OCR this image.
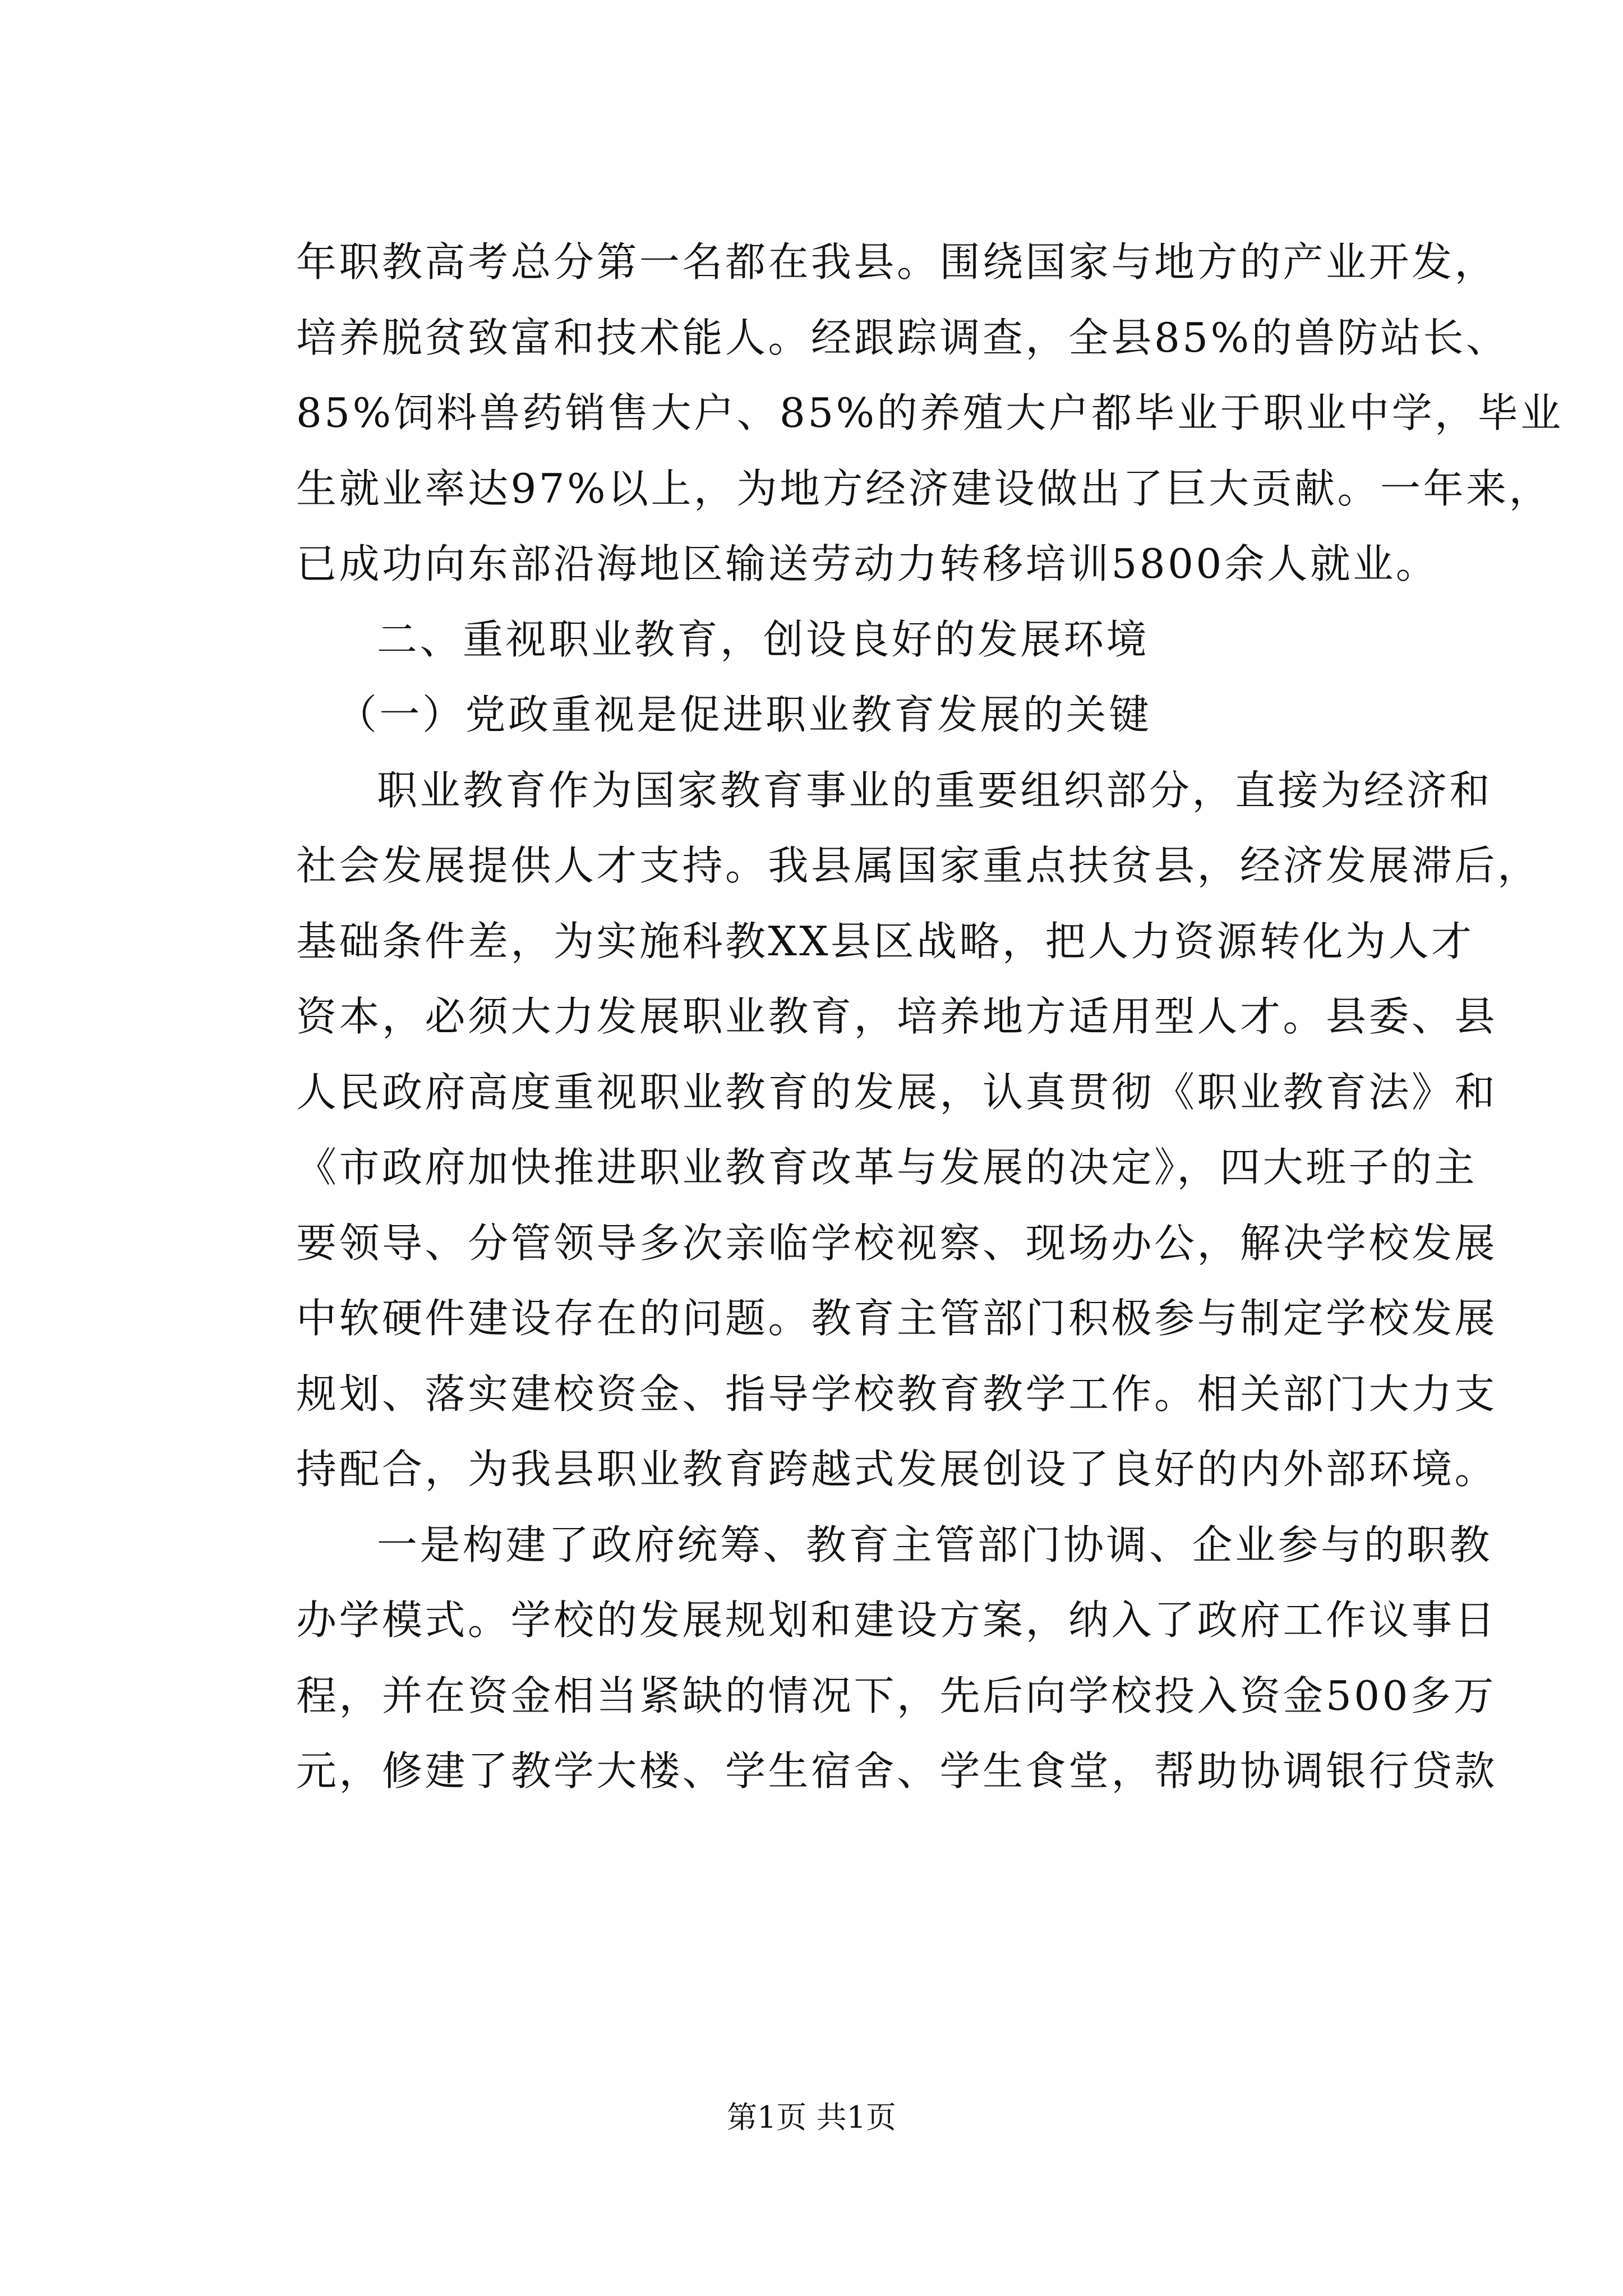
年职教高考总分第一名都在我县。围绕国家与地方的产业开发，
培养脱贫致富和技术能人。经跟踪调查，全县85%的兽防站长、
85%饲料兽药销售大户、85%的养殖大户都毕业于职业中学，毕业
生就业率达97%以上，为地方经济建设做出了巨大贡献。一年来，
已成功向东部沿海地区输送劳动力转移培训5800余人就业。
二、重视职业教育，创设良好的发展环境
（一）党政重视是促进职业教育发展的关键
职业教育作为国家教育事业的重要组织部分，直接为经济和
社会发展提供人才支持。我县属国家重点扶贫县，经济发展滞后，
基础条件差，为实施科教XX县区战略，把人力资源转化为人才
资本，必须大力发展职业教育，培养地方适用型人才。县委、县
人民政府高度重视职业教育的发展，认真贯彻《职业教育法》和
《市政府加快推进职业教育改革与发展的决定》，四大班子的主
要领导、分管领导多次亲临学校视察、现场办公，解决学校发展
中软硬件建设存在的问题。教育主管部门积极参与制定学校发展
规划、落实建校资金、指导学校教育教学工作。相关部门大力支
持配合，为我县职业教育跨越式发展创设了良好的内外部环境。
一是构建了政府统筹、教育主管部门协调、企业参与的职教
办学模式。学校的发展规划和建设方案，纳入了政府工作议事日
程，并在资金相当紧缺的情况下，先后向学校投入资金500多万
元，修建了教学大楼、学生宿舍、学生食堂，帮助协调银行贷款
第1页 共1页
